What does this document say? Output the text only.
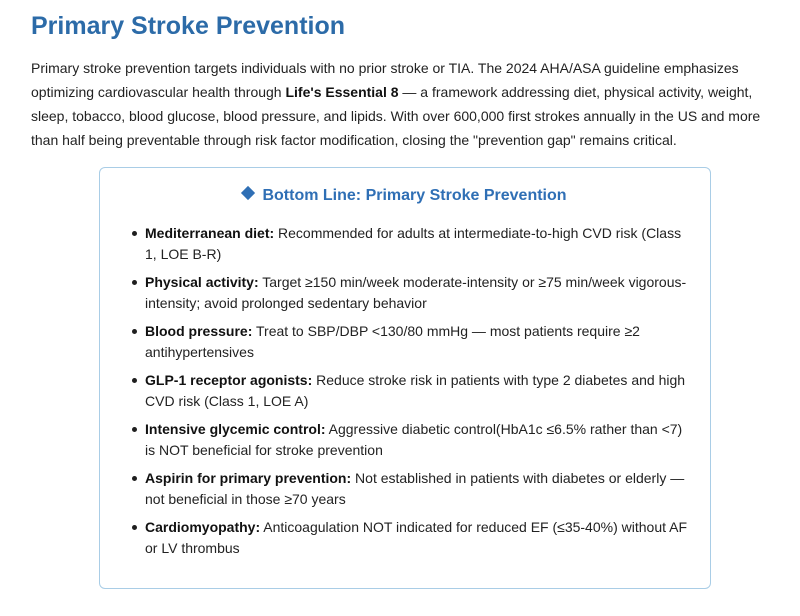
Primary Stroke Prevention

Primary stroke prevention targets individuals with no prior stroke or TIA. The 2024 AHA/ASA guideline emphasizes optimizing cardiovascular health through Life's Essential 8 — a framework addressing diet, physical activity, weight, sleep, tobacco, blood glucose, blood pressure, and lipids. With over 600,000 first strokes annually in the US and more than half being preventable through risk factor modification, closing the "prevention gap" remains critical.

Bottom Line: Primary Stroke Prevention
Mediterranean diet: Recommended for adults at intermediate-to-high CVD risk (Class 1, LOE B-R)
Physical activity: Target ≥150 min/week moderate-intensity or ≥75 min/week vigorous-intensity; avoid prolonged sedentary behavior
Blood pressure: Treat to SBP/DBP <130/80 mmHg — most patients require ≥2 antihypertensives
GLP-1 receptor agonists: Reduce stroke risk in patients with type 2 diabetes and high CVD risk (Class 1, LOE A)
Intensive glycemic control: Aggressive diabetic control(HbA1c ≤6.5% rather than <7) is NOT beneficial for stroke prevention
Aspirin for primary prevention: Not established in patients with diabetes or elderly — not beneficial in those ≥70 years
Cardiomyopathy: Anticoagulation NOT indicated for reduced EF (≤35-40%) without AF or LV thrombus
